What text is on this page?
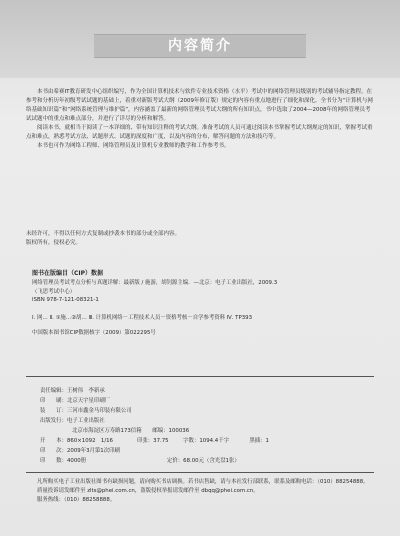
内容简介

本书由希赛IT教育研发中心组织编写，作为全国计算机技术与软件专业技术资格（水平）考试中的网络管理员级别的考试辅导指定教程。在参考和分析历年初级考试试题的基础上，着重对新版考试大纲（2009年修订版）规定的内容有重点地进行了细化和深化。全书分为“计算机与网络基础知识篇”和“网络系统管理与维护篇”，内容涵盖了最新的网络管理员考试大纲的所有知识点，书中选取了2004—2008年的网络管理员考试试题中的重点和难点部分，并进行了详尽的分析和解答。

阅读本书，就相当于阅读了一本详细的、带有知识注释的考试大纲。准备考试的人员可通过阅读本书掌握考试大纲规定的知识，掌握考试重点和难点，熟悉考试方法、试题形式、试题的深度和广度，以及内容的分布，解答问题的方法和技巧等。

本书也可作为网络工程师、网络管理员及计算机专业教师的教学和工作参考书。

未经许可，不得以任何方式复制或抄袭本书的部分或全部内容。

版权所有，侵权必究。

图书在版编目（CIP）数据
网络管理员考试考点分析与真题详解：最新版 / 施游，胡钊源主编．—北京：电子工业出版社，2009.3
（飞思考试中心）
ISBN 978-7-121-08321-1
Ⅰ. 网… Ⅱ. ①施…②胡… Ⅲ. 计算机网络－工程技术人员－资格考核－自学参考资料 Ⅳ. TP393
中国版本图书馆CIP数据核字（2009）第022295号
责任编辑： 王树伟　李新承
印　　刷： 北京天宇星印刷厂
装　　订： 三河市鑫金马印装有限公司
出版发行： 电子工业出版社
北京市海淀区万寿路173信箱　　邮编：100036
开　　本： 860×1092　1/16	印张： 37.75	字数： 1094.4千字	黑插： 1
印　　次： 2009年3月第1次印刷
印　　数： 4000册	定价： 68.00元（含光盘1张）

凡所购买电子工业出版社图书有缺损问题，请向购买书店调换。若书店售缺，请与本社发行部联系，联系及邮购电话：（010）88254888。

质量投诉请发邮件至 zlts@phei.com.cn，盗版侵权举报请发邮件至 dbqq@phei.com.cn。

服务热线：（010）88258888。
